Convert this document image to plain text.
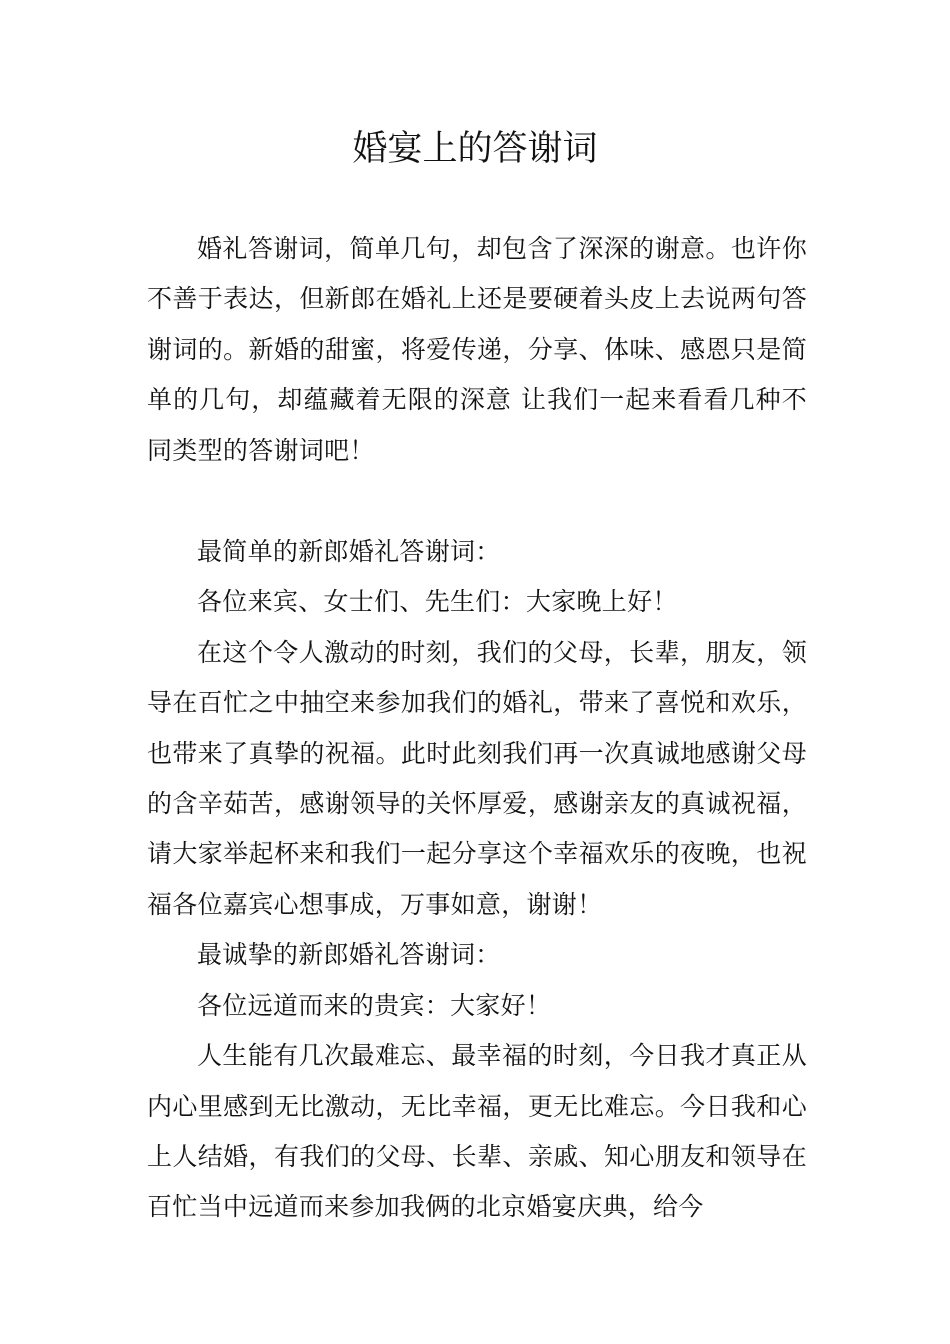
婚宴上的答谢词

婚礼答谢词，简单几句，却包含了深深的谢意。也许你不善于表达，但新郎在婚礼上还是要硬着头皮上去说两句答谢词的。新婚的甜蜜，将爱传递，分享、体味、感恩只是简单的几句，却蕴藏着无限的深意 让我们一起来看看几种不同类型的答谢词吧！

最简单的新郎婚礼答谢词：

各位来宾、女士们、先生们：大家晚上好！

在这个令人激动的时刻，我们的父母，长辈，朋友，领导在百忙之中抽空来参加我们的婚礼，带来了喜悦和欢乐，也带来了真挚的祝福。此时此刻我们再一次真诚地感谢父母的含辛茹苦，感谢领导的关怀厚爱，感谢亲友的真诚祝福，请大家举起杯来和我们一起分享这个幸福欢乐的夜晚，也祝福各位嘉宾心想事成，万事如意，谢谢！

最诚挚的新郎婚礼答谢词：

各位远道而来的贵宾：大家好！

人生能有几次最难忘、最幸福的时刻，今日我才真正从内心里感到无比激动，无比幸福，更无比难忘。今日我和心上人结婚，有我们的父母、长辈、亲戚、知心朋友和领导在百忙当中远道而来参加我俩的北京婚宴庆典，给今
